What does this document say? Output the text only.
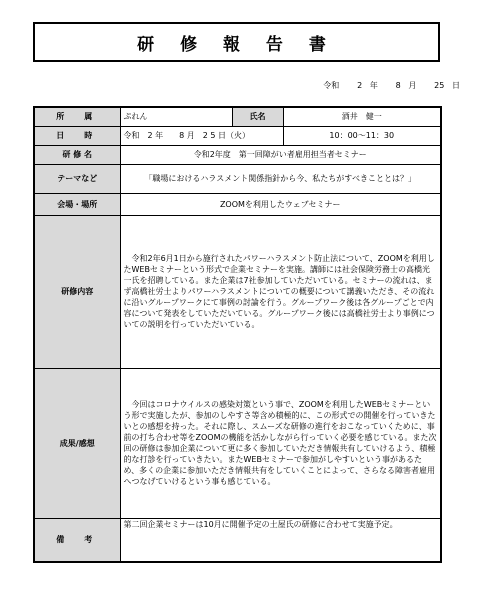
研 修 報 告 書
令和 2 年 8 月 25 日
所　属	ぷれん	氏名	酒井　健一
日　時	令和　2 年　　8 月　2 5 日（火）		10：00～11：30
研 修 名	令和2年度　第一回障がい者雇用担当者セミナー		
テーマなど	「職場におけるハラスメント関係指針から今、私たちがすべきこととは？」		
会場・場所	ZOOMを利用したウェブセミナー		
研修内容	　令和2年6月1日から施行されたパワーハラスメント防止法について、ZOOMを利用したWEBセミナーという形式で企業セミナーを実施。講師には社会保険労務士の高橋光一氏を招聘している。また企業は7社参加していただいている。セミナーの流れは、まず高橋社労士よりパワーハラスメントについての概要について講義いただき、その流れに沿いグループワークにて事例の討論を行う。グループワーク後は各グループごとで内容について発表をしていただいている。グループワーク後には高橋社労士より事例についての説明を行っていただいている。		
成果/感想	　今回はコロナウイルスの感染対策という事で、ZOOMを利用したWEBセミナーという形で実施したが、参加のしやすさ等含め積極的に、この形式での開催を行っていきたいとの感想を持った。それに際し、スムーズな研修の進行をおこなっていくために、事前の打ち合わせ等をZOOMの機能を活かしながら行っていく必要を感じている。また次回の研修は参加企業について更に多く参加していただき情報共有していけるよう、積極的な打診を行っていきたい。またWEBセミナーで参加がしやすいという事があるため、多くの企業に参加いただき情報共有をしていくことによって、さらなる障害者雇用へつなげていけるという事も感じている。		
備　考	第二回企業セミナーは10月に開催予定の土屋氏の研修に合わせて実施予定。		
